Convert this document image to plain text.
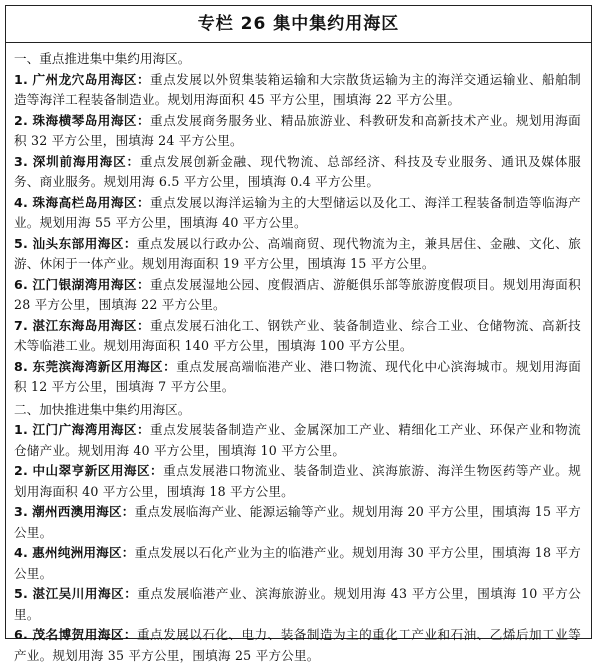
专栏 26 集中集约用海区
一、重点推进集中集约用海区。
1. 广州龙穴岛用海区：重点发展以外贸集装箱运输和大宗散货运输为主的海洋交通运输业、船舶制造等海洋工程装备制造业。规划用海面积 45 平方公里，围填海 22 平方公里。
2. 珠海横琴岛用海区：重点发展商务服务业、精品旅游业、科教研发和高新技术产业。规划用海面积 32 平方公里，围填海 24 平方公里。
3. 深圳前海用海区：重点发展创新金融、现代物流、总部经济、科技及专业服务、通讯及媒体服务、商业服务。规划用海 6.5 平方公里，围填海 0.4 平方公里。
4. 珠海高栏岛用海区：重点发展以海洋运输为主的大型储运以及化工、海洋工程装备制造等临海产业。规划用海 55 平方公里，围填海 40 平方公里。
5. 汕头东部用海区：重点发展以行政办公、高端商贸、现代物流为主，兼具居住、金融、文化、旅游、休闲于一体产业。规划用海面积 19 平方公里，围填海 15 平方公里。
6. 江门银湖湾用海区：重点发展湿地公园、度假酒店、游艇俱乐部等旅游度假项目。规划用海面积 28 平方公里，围填海 22 平方公里。
7. 湛江东海岛用海区：重点发展石油化工、钢铁产业、装备制造业、综合工业、仓储物流、高新技术等临港工业。规划用海面积 140 平方公里，围填海 100 平方公里。
8. 东莞滨海湾新区用海区：重点发展高端临港产业、港口物流、现代化中心滨海城市。规划用海面积 12 平方公里，围填海 7 平方公里。
二、加快推进集中集约用海区。
1. 江门广海湾用海区：重点发展装备制造产业、金属深加工产业、精细化工产业、环保产业和物流仓储产业。规划用海 40 平方公里，围填海 10 平方公里。
2. 中山翠亨新区用海区：重点发展港口物流业、装备制造业、滨海旅游、海洋生物医药等产业。规划用海面积 40 平方公里，围填海 18 平方公里。
3. 潮州西澳用海区：重点发展临海产业、能源运输等产业。规划用海 20 平方公里，围填海 15 平方公里。
4. 惠州纯洲用海区：重点发展以石化产业为主的临港产业。规划用海 30 平方公里，围填海 18 平方公里。
5. 湛江吴川用海区：重点发展临港产业、滨海旅游业。规划用海 43 平方公里，围填海 10 平方公里。
6. 茂名博贺用海区：重点发展以石化、电力、装备制造为主的重化工产业和石油、乙烯后加工业等产业。规划用海 35 平方公里，围填海 25 平方公里。
